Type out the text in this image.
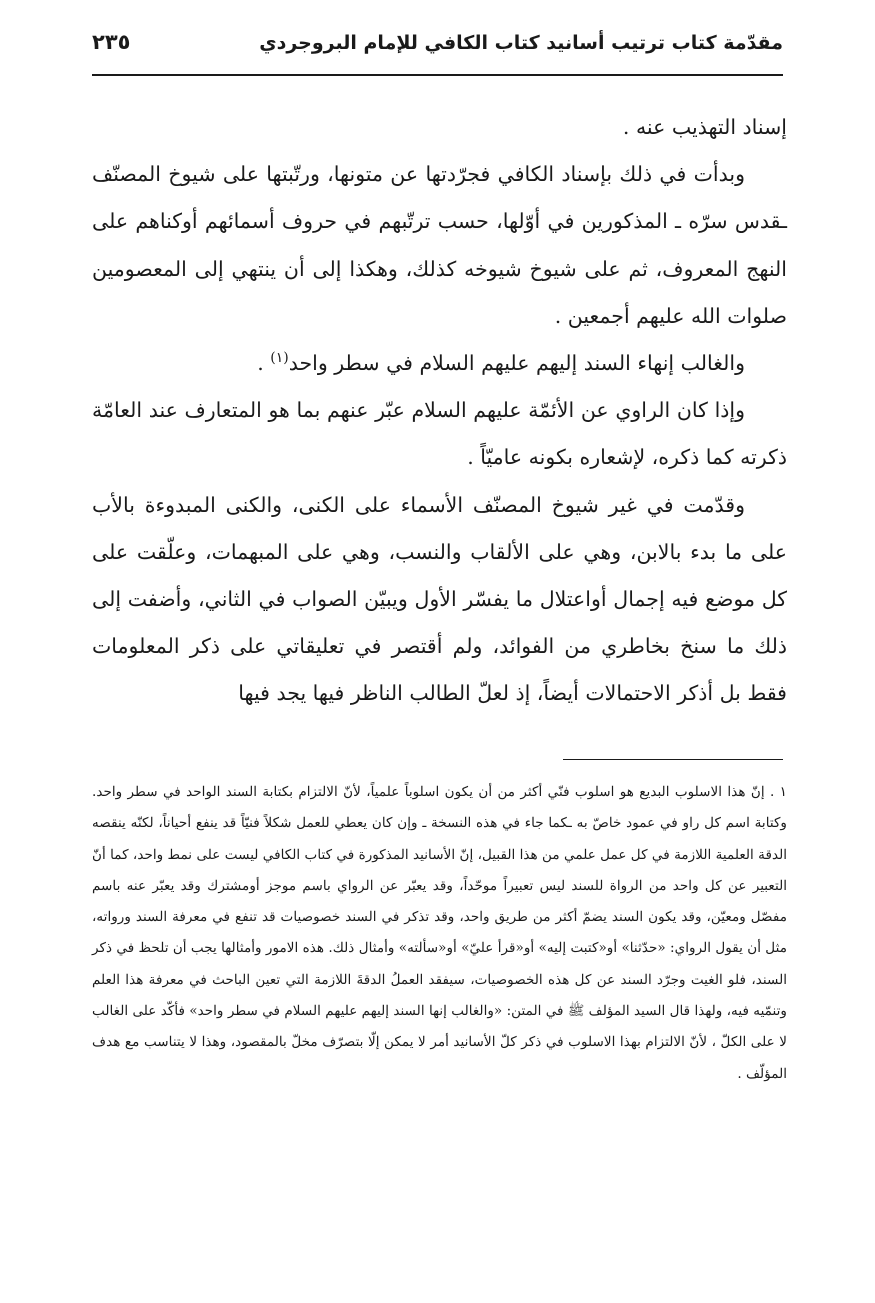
مقدّمة كتاب ترتيب أسانيد كتاب الكافي للإمام البروجردي
٢٣٥

إسناد التهذيب عنه .

وبدأت في ذلك بإسناد الكافي فجرّدتها عن متونها، ورتّبتها على شيوخ المصنّف ـقدس سرّه ـ المذكورين في أوّلها، حسب ترتّبهم في حروف أسمائهم أوكناهم على النهج المعروف، ثم على شيوخ شيوخه كذلك، وهكذا إلى أن ينتهي إلى المعصومين صلوات الله عليهم أجمعين .

والغالب إنهاء السند إليهم عليهم السلام في سطر واحد$^{(١)}$ .

وإذا كان الراوي عن الأئمّة عليهم السلام عبّر عنهم بما هو المتعارف عند العامّة ذكرته كما ذكره، لإشعاره بكونه عاميّاً .

وقدّمت في غير شيوخ المصنّف الأسماء على الكنى، والكنى المبدوءة بالأب على ما بدء بالابن، وهي على الألقاب والنسب، وهي على المبهمات، وعلّقت على كل موضع فيه إجمال أواعتلال ما يفسّر الأول ويبيّن الصواب في الثاني، وأضفت إلى ذلك ما سنخ بخاطري من الفوائد، ولم أقتصر في تعليقاتي على ذكر المعلومات فقط بل أذكر الاحتمالات أيضاً، إذ لعلّ الطالب الناظر فيها يجد فيها

١ . إنّ هذا الاسلوب البديع هو اسلوب فنّي أكثر من أن يكون اسلوباً علمياً، لأنّ الالتزام بكتابة السند الواحد في سطر واحد. وكتابة اسم كل راو في عمود خاصّ به ـكما جاء في هذه النسخة ـ وإن كان يعطي للعمل شكلاً فنيّاً قد ينفع أحياناً، لكنّه ينقصه الدقة العلمية اللازمة في كل عمل علمي من هذا القبيل، إنّ الأسانيد المذكورة في كتاب الكافي ليست على نمط واحد، كما أنّ التعبير عن كل واحد من الرواة للسند ليس تعبيراً موحّداً، وقد يعبّر عن الرواي باسم موجز أومشترك وقد يعبّر عنه باسم مفصّل ومعيّن، وقد يكون السند يضمّ أكثر من طريق واحد، وقد تذكر في السند خصوصيات قد تنفع في معرفة السند ورواته، مثل أن يقول الرواي: «حدّثنا» أو«كتبت إليه» أو«قرأ عليّ» أو«سألته» وأمثال ذلك. هذه الامور وأمثالها يجب أن تلحظ في ذكر السند، فلو الغيت وجرّد السند عن كل هذه الخصوصيات، سيفقد العملُ الدقةَ اللازمة التي تعين الباحث في معرفة هذا العلم وتنمّيه فيه، ولهذا قال السيد المؤلف ﷺ في المتن: «والغالب إنها السند إليهم عليهم السلام في سطر واحد» فأكّد على الغالب لا على الكلّ ، لأنّ الالتزام بهذا الاسلوب في ذكر كلّ الأسانيد أمر لا يمكن إلّا بتصرّف مخلّ بالمقصود، وهذا لا يتناسب مع هدف المؤلّف .
